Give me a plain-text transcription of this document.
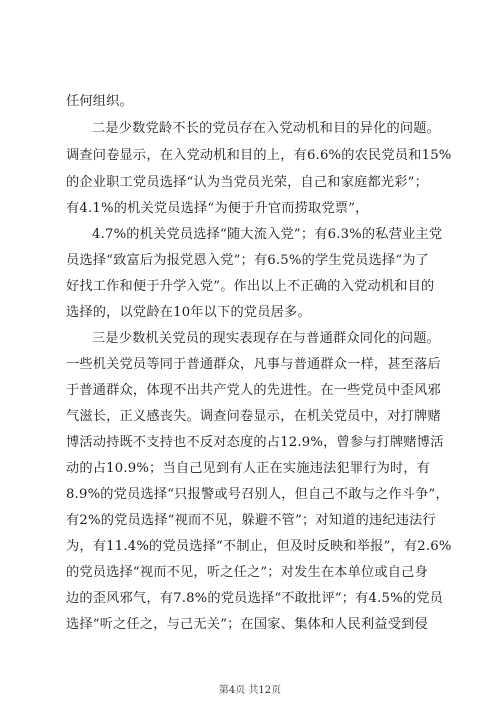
任何组织。
二是少数党龄不长的党员存在入党动机和目的异化的问题。
调查问卷显示，在入党动机和目的上，有6.6%的农民党员和15%
的企业职工党员选择“认为当党员光荣，自己和家庭都光彩”；
有4.1%的机关党员选择“为便于升官而捞取党票”，
4.7%的机关党员选择“随大流入党”；有6.3%的私营业主党
员选择“致富后为报党恩入党”；有6.5%的学生党员选择“为了
好找工作和便于升学入党”。作出以上不正确的入党动机和目的
选择的，以党龄在10年以下的党员居多。
三是少数机关党员的现实表现存在与普通群众同化的问题。
一些机关党员等同于普通群众，凡事与普通群众一样，甚至落后
于普通群众，体现不出共产党人的先进性。在一些党员中歪风邪
气滋长，正义感丧失。调查问卷显示，在机关党员中，对打牌赌
博活动持既不支持也不反对态度的占12.9%，曾参与打牌赌博活
动的占10.9%；当自己见到有人正在实施违法犯罪行为时，有
8.9%的党员选择“只报警或号召别人，但自己不敢与之作斗争”，
有2%的党员选择“视而不见，躲避不管”；对知道的违纪违法行
为，有11.4%的党员选择“不制止，但及时反映和举报”，有2.6%
的党员选择“视而不见，听之任之”；对发生在本单位或自己身
边的歪风邪气，有7.8%的党员选择“不敢批评”；有4.5%的党员
选择“听之任之，与己无关”；在国家、集体和人民利益受到侵
第4页 共12页
